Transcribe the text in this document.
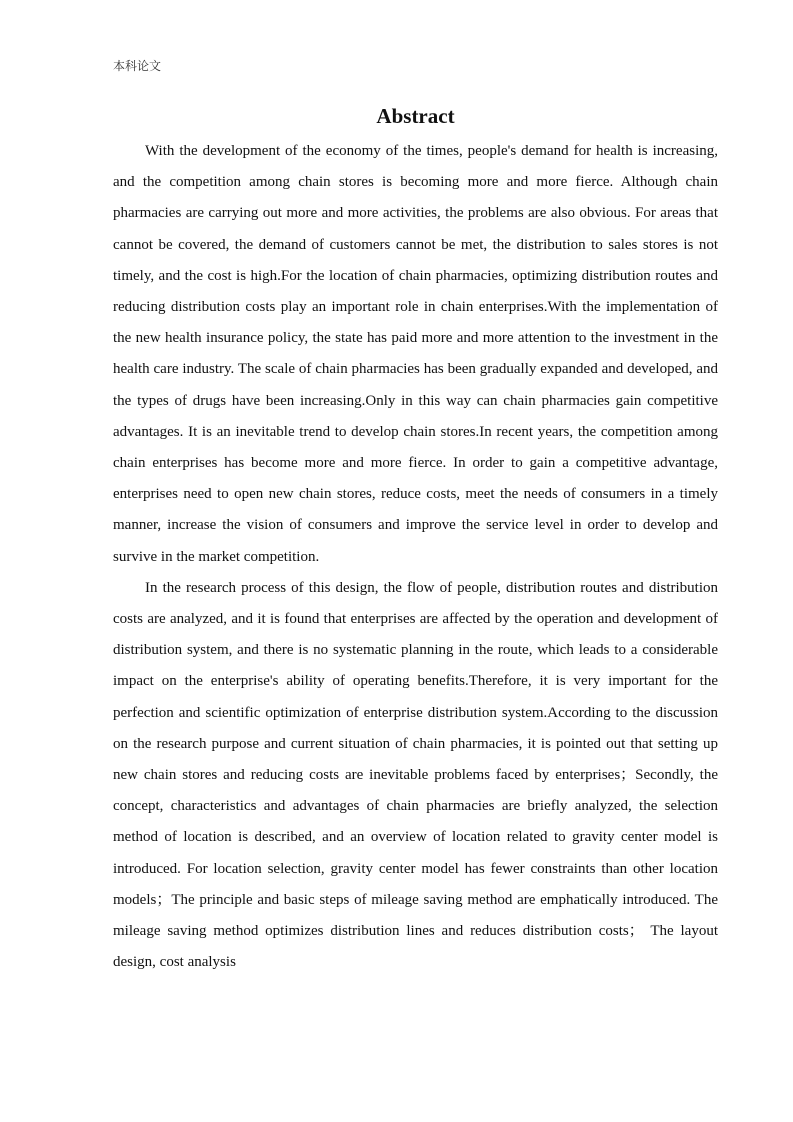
本科论文
Abstract

With the development of the economy of the times, people's demand for health is increasing, and the competition among chain stores is becoming more and more fierce. Although chain pharmacies are carrying out more and more activities, the problems are also obvious. For areas that cannot be covered, the demand of customers cannot be met, the distribution to sales stores is not timely, and the cost is high.For the location of chain pharmacies, optimizing distribution routes and reducing distribution costs play an important role in chain enterprises.With the implementation of the new health insurance policy, the state has paid more and more attention to the investment in the health care industry. The scale of chain pharmacies has been gradually expanded and developed, and the types of drugs have been increasing.Only in this way can chain pharmacies gain competitive advantages. It is an inevitable trend to develop chain stores.In recent years, the competition among chain enterprises has become more and more fierce. In order to gain a competitive advantage, enterprises need to open new chain stores, reduce costs, meet the needs of consumers in a timely manner, increase the vision of consumers and improve the service level in order to develop and survive in the market competition.

In the research process of this design, the flow of people, distribution routes and distribution costs are analyzed, and it is found that enterprises are affected by the operation and development of distribution system, and there is no systematic planning in the route, which leads to a considerable impact on the enterprise's ability of operating benefits.Therefore, it is very important for the perfection and scientific optimization of enterprise distribution system.According to the discussion on the research purpose and current situation of chain pharmacies, it is pointed out that setting up new chain stores and reducing costs are inevitable problems faced by enterprises；Secondly, the concept, characteristics and advantages of chain pharmacies are briefly analyzed, the selection method of location is described, and an overview of location related to gravity center model is introduced. For location selection, gravity center model has fewer constraints than other location models；The principle and basic steps of mileage saving method are emphatically introduced. The mileage saving method optimizes distribution lines and reduces distribution costs； The layout design, cost analysis
